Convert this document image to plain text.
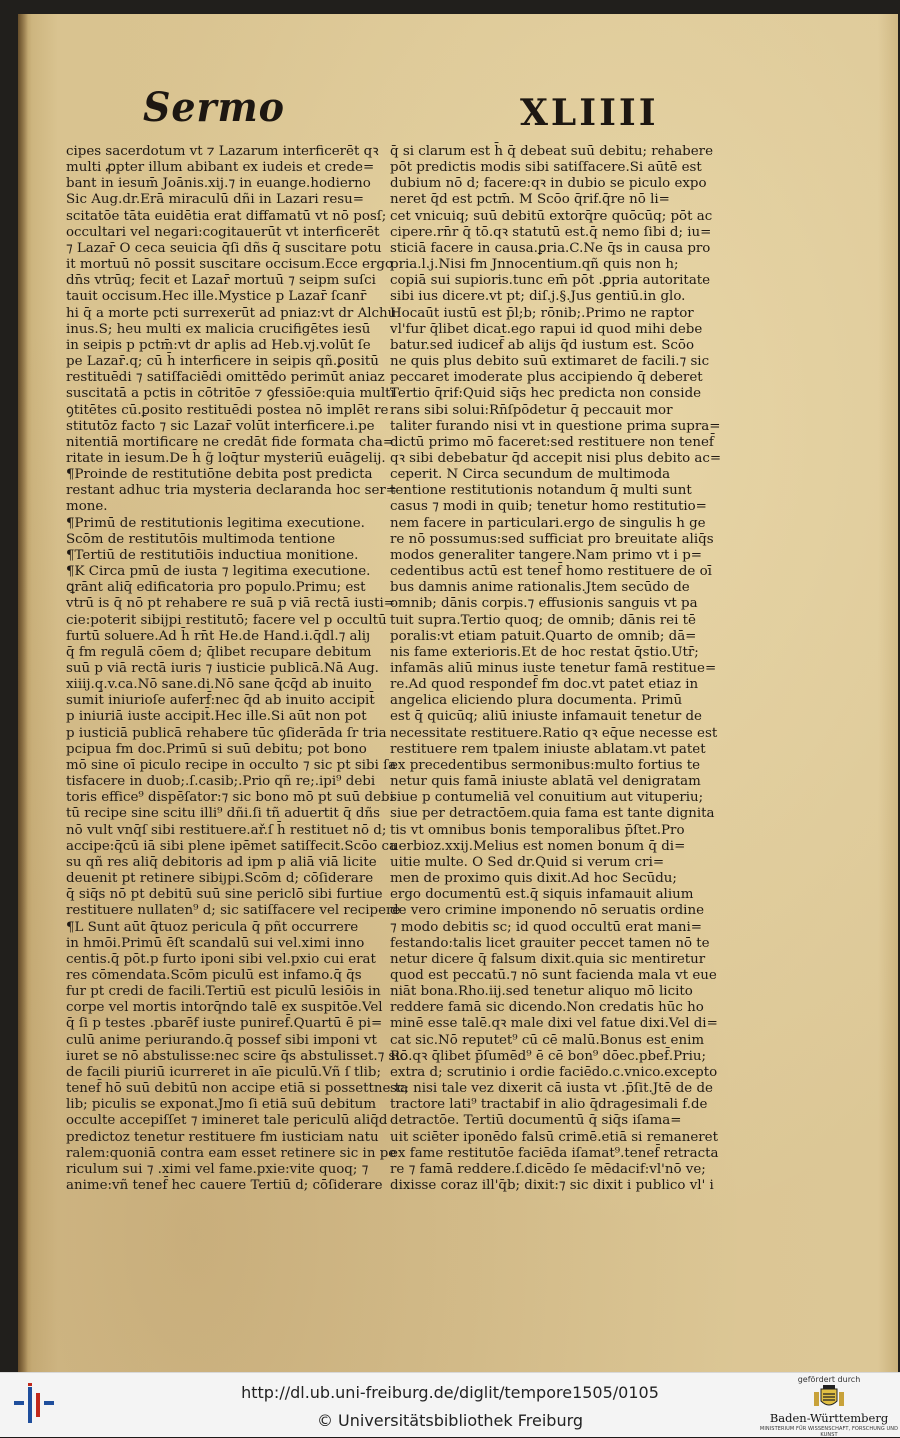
Sermo	XLIIII
cipes sacerdotum vt ⁊ Lazarum interficerēt qꝛ
multi ꝓpter illum abibant ex iudeis et crede=
bant in iesum̄ Joānis.xij.⁊ in euange.hodierno
Sic Aug.dr.Erā miraculū dñi in Lazari resu=
scitatōe tāta euidētia erat diffamatū vt nō posſ;
occultari vel negari:cogitauerūt vt interficerēt
⁊ Lazar̄ O ceca seuicia q̄ſi dñs q̄ suscitare potu
it mortuū nō possit suscitare occisum.Ecce ergo
dn̄s vtrūq; fecit et Lazar̄ mortuū ⁊ seipm suſci
tauit occisum.Hec ille.Mystice p Lazar̄ ſcanr̄
hi q̄ a morte pcti surrexerūt ad pniaz:vt dr Alchu
inus.S; heu multi ex malicia crucifigētes iesū
in seipis p pctm̄:vt dr aplis ad Heb.vj.volūt ſe
pe Lazar̄.q; cū h̄ interficere in seipis qñ.ꝑositū
restituēdi ⁊ satiſfaciēdi omittēdo perimūt aniaz
suscitatā a pctis in cōtritōe ⁊ ꝯfessiōe:quia multi
ꝯtitētes cū.ꝑosito restituēdi postea nō implēt re
stitutōz facto ⁊ sic Lazar̄ volūt interficere.i.pe
nitentiā mortificare ne credāt fide formata cha=
ritate in iesum.De h̄ g̃ loq̄tur mysteriū euāgelij.
¶Proinde de restitutiōne debita post predicta
restant adhuc tria mysteria declaranda hoc ser=
mone.
¶Primū de restitutionis legitima executione.
Scōm de restitutōis multimoda tentione
¶Tertiū de restitutiōis inductiua monitione.
¶K Circa pmū de iusta ⁊ legitima executione.
ꝗrānt aliq̄ edificatoria pro populo.Primu; est
vtrū is q̄ nō pt rehabere re suā p viā rectā iusti=
cie:poterit sibijpi restitutō; facere vel p occultū
furtū soluere.Ad h̄ rn̄t He.de Hand.i.q̄dl.⁊ aliȷ
q̄ fm regulā cōem d; q̄libet recupare debitum
suū p viā rectā iuris ⁊ iusticie publicā.Nā Aug.
xiiij.q.v.ca.Nō sane.di.Nō sane q̄cq̄d ab inuito
sumit̄ iniurioſe auferf̄:nec q̄d ab inuito accipit̄
p iniuriā iuste accipit̄.Hec ille.Si aūt non pot
p iusticiā publicā rehabere tūc ꝯſiderāda ſr tria
pcipua fm doc.Primū si suū debitu; pot bono
mō sine oī piculo recipe in occulto ⁊ sic pt sibi ſa
tisfacere in duob;.ſ.casib;.Prio qñ re;.ipi⁹ debi
toris effice⁹ dispēſator:⁊ sic bono mō pt suū debi
tū recipe sine scitu illi⁹ dñi.ſi tñ aduertit q̄ dñs
nō vult vnq̄ſ sibi restituere.ař.ſ h̄ restituet nō d;
accipe:q̄cū iā sibi plene ipēmet satiſfecit.Scōo ca
su qñ res aliq̄ debitoris ad ipm p aliā viā licite
deuenit pt retinere sibiȷpi.Scōm d; cōſiderare
q̄ siq̄s nō pt debitū suū sine periclō sibi furtiue
restituere nullaten⁹ d; sic satiſfacere vel recipere
¶L Sunt aūt q̄tuoz pericula q̄ pñt occurrere
in hmōi.Primū ēſt scandalū sui vel.ximi inno
centis.q̄ pōt.p furto iponi sibi vel.pxio cui erat
res cōmendata.Scōm piculū est infamo.q̄ q̄s
fur pt credi de facili.Tertiū est piculū lesiōis in
corpe vel mortis intorq̄ndo talē ex suspitōe.Vel
q̄ ſi p testes .pbarēf iuste puniref̄.Quartū ē pi=
culū anime periurando.q̄ possef sibi imponi vt
iuret se nō abstulisse:nec scire q̄s abstulisset.⁊ sic
de facili piuriū icurreret in aīe piculū.Vñ ſ tlib;
tenef̄ hō suū debitū non accipe etiā si possettne ta
lib; piculis se exponat.Jmo ſi etiā suū debitum
occulte accepiſſet ⁊ imineret tale periculū aliq̄d
predictoz tenetur restituere fm iusticiam natu
ralem:quoniā contra eam esset retinere sic in pe
riculum sui ⁊ .ximi vel fame.pxie:vite quoq; ⁊
anime:vñ tenef̄ hec cauere Tertiū d; cōſiderare
q̄ si clarum est h̄ q̄ debeat suū debitu; rehabere
pōt predictis modis sibi satiſfacere.Si aūtē est
dubium nō d; facere:qꝛ in dubio se piculo expo
neret q̄d est pctm̄. M Scōo q̄rif.q̄re nō li=
cet vnicuiq; suū debitū extorq̄re quōcūq; pōt ac
cipere.rn̄r q̄ tō.qꝛ statutū est.q̄ nemo ſibi d; iu=
sticiā facere in causa.ꝑria.C.Ne q̄s in causa pro
pria.l.j.Nisi fm Jnnocentium.qñ quis non h;
copiā sui supioris.tunc em̄ pōt .ꝑpria autoritate
sibi ius dicere.vt pt; diſ.j.§.Jus gentiū.in glo.
Hocaūt iustū est p̄l;b; rōnib;.Primo ne raptor
vl'fur q̄libet dicat.ego rapui id quod mihi debe
batur.sed iudicef̄ ab alijs q̄d iustum est. Scōo
ne quis plus debito suū extimaret de facili.⁊ sic
peccaret imoderate plus accipiendo q̄ deberet
Tertio q̄rif:Quid siq̄s hec predicta non conside
rans sibi solui:Rn̄ſpōdetur q̄ peccauit mor
taliter furando nisi vt in questione prima supra=
dictū primo mō faceret:sed restituere non tenef̄
qꝛ sibi debebatur q̄d accepit nisi plus debito ac=
ceperit. N Circa secundum de multimoda
tentione restitutionis notandum q̄ multi sunt
casus ⁊ modi in quib; tenetur homo restitutio=
nem facere in particulari.ergo de singulis h ge
re nō possumus:sed sufficiat pro breuitate aliq̄s
modos generaliter tangere.Nam primo vt i p=
cedentibus actū est tenef̄ homo restituere de oī
bus damnis anime rationalis.Jtem secūdo de
omnib; dānis corpis.⁊ effusionis sanguis vt pa
tuit supra.Tertio quoq; de omnib; dānis rei tē
poralis:vt etiam patuit.Quarto de omnib; dā=
nis fame exterioris.Et de hoc restat q̄stio.Utr̄;
infamās aliū minus iuste tenetur famā restitue=
re.Ad quod respondef̄ fm doc.vt patet etiaz in
angelica eliciendo plura documenta. Primū
est q̄ quicūq; aliū iniuste infamauit tenetur de
necessitate restituere.Ratio qꝛ eq̄ue necesse est
restituere rem tpalem iniuste ablatam.vt patet
ex precedentibus sermonibus:multo fortius te
netur quis famā iniuste ablatā vel denigratam
siue p contumeliā vel conuitium aut vituperiu;
siue per detractōem.quia fama est tante dignita
tis vt omnibus bonis temporalibus p̄ſtet.Pro
uerbioz.xxij.Melius est nomen bonum q̄ di=
uitie multe. O Sed dr.Quid si verum cri=
men de proximo quis dixit.Ad hoc Secūdu;
ergo documentū est.q̄ siquis infamauit alium
de vero crimine imponendo nō seruatis ordine
⁊ modo debitis sc; id quod occultū erat mani=
festando:talis licet grauiter peccet tamen nō te
netur dicere q̄ falsum dixit.quia sic mentiretur
quod est peccatū.⁊ nō sunt facienda mala vt eue
niāt bona.Rho.iij.sed tenetur aliquo mō licito
reddere famā sic dicendo.Non credatis hūc ho
minē esse talē.qꝛ male dixi vel fatue dixi.Vel di=
cat sic.Nō reputet⁹ cū cē malū.Bonus est enim
Rō.qꝛ q̄libet p̄ſumēd⁹ ē cē bon⁹ dōec.pbef̄.Priu;
extra d; scrutinio i ordie faciēdo.c.vnico.excepto
sc; nisi tale vez dixerit cā iusta vt .p̄ſit.Jtē de de
tractore lati⁹ tractabif in alio q̄dragesimali f.de
detractōe. Tertiū documentū q̄ siq̄s iſama=
uit sciēter iponēdo falsū crimē.etiā si remaneret
ex fame restitutōe faciēda iſamat⁹.tenef̄ retracta
re ⁊ famā reddere.ſ.dicēdo ſe mēdacif:vl'nō ve;
dixisse coraz ill'q̄b; dixit:⁊ sic dixit i publico vl' i
http://dl.ub.uni-freiburg.de/diglit/tempore1505/0105
© Universitätsbibliothek Freiburg
gefördert durch
Baden-Württemberg
MINISTERIUM FÜR WISSENSCHAFT, FORSCHUNG UND KUNST
